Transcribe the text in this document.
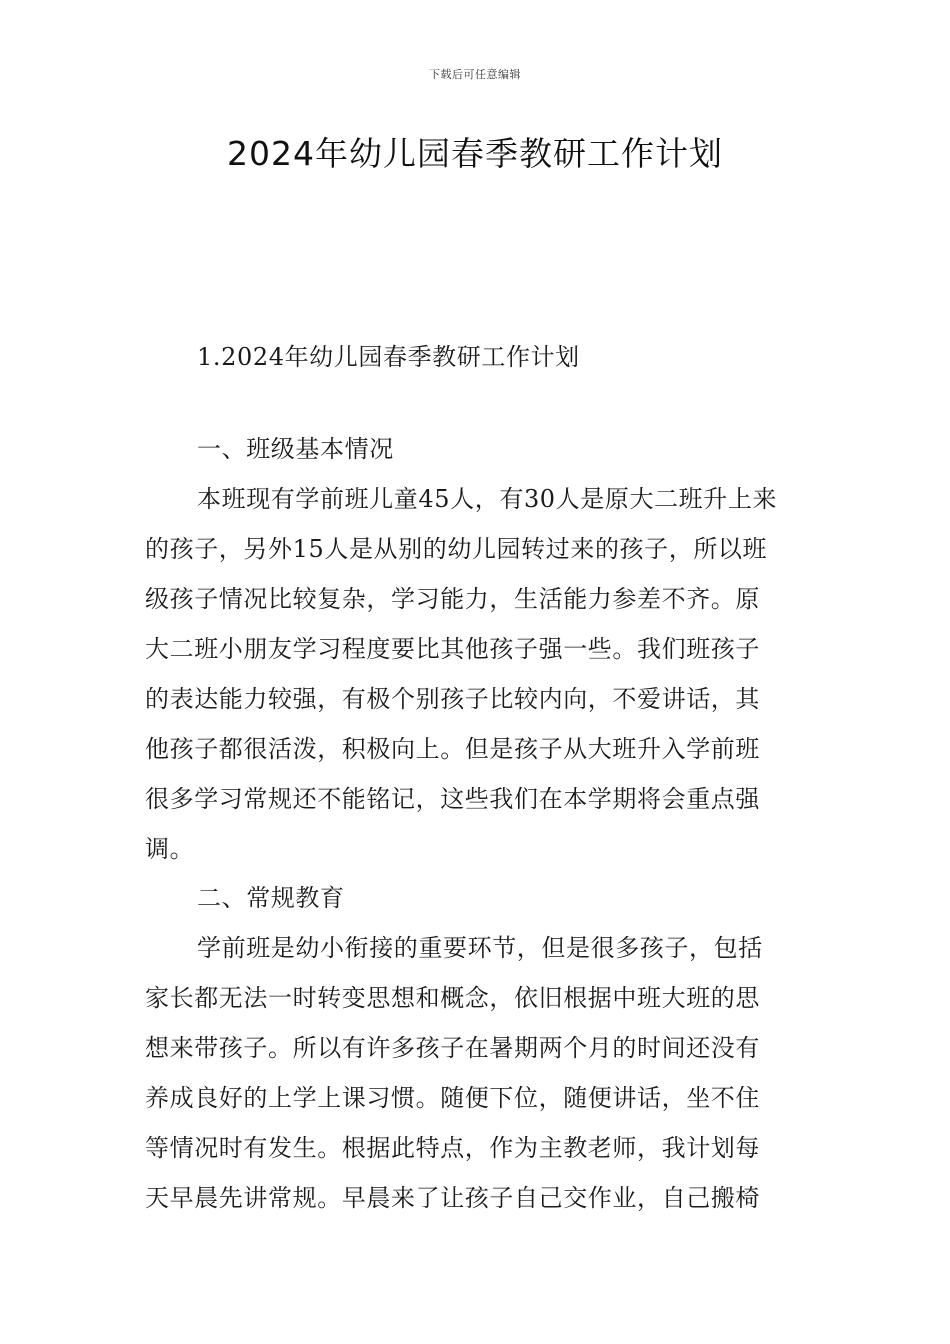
下载后可任意编辑
2024年幼儿园春季教研工作计划
1.2024年幼儿园春季教研工作计划
一、班级基本情况
本班现有学前班儿童45人，有30人是原大二班升上来
的孩子，另外15人是从别的幼儿园转过来的孩子，所以班
级孩子情况比较复杂，学习能力，生活能力参差不齐。原
大二班小朋友学习程度要比其他孩子强一些。我们班孩子
的表达能力较强，有极个别孩子比较内向，不爱讲话，其
他孩子都很活泼，积极向上。但是孩子从大班升入学前班
很多学习常规还不能铭记，这些我们在本学期将会重点强
调。
二、常规教育
学前班是幼小衔接的重要环节，但是很多孩子，包括
家长都无法一时转变思想和概念，依旧根据中班大班的思
想来带孩子。所以有许多孩子在暑期两个月的时间还没有
养成良好的上学上课习惯。随便下位，随便讲话，坐不住
等情况时有发生。根据此特点，作为主教老师，我计划每
天早晨先讲常规。早晨来了让孩子自己交作业，自己搬椅
